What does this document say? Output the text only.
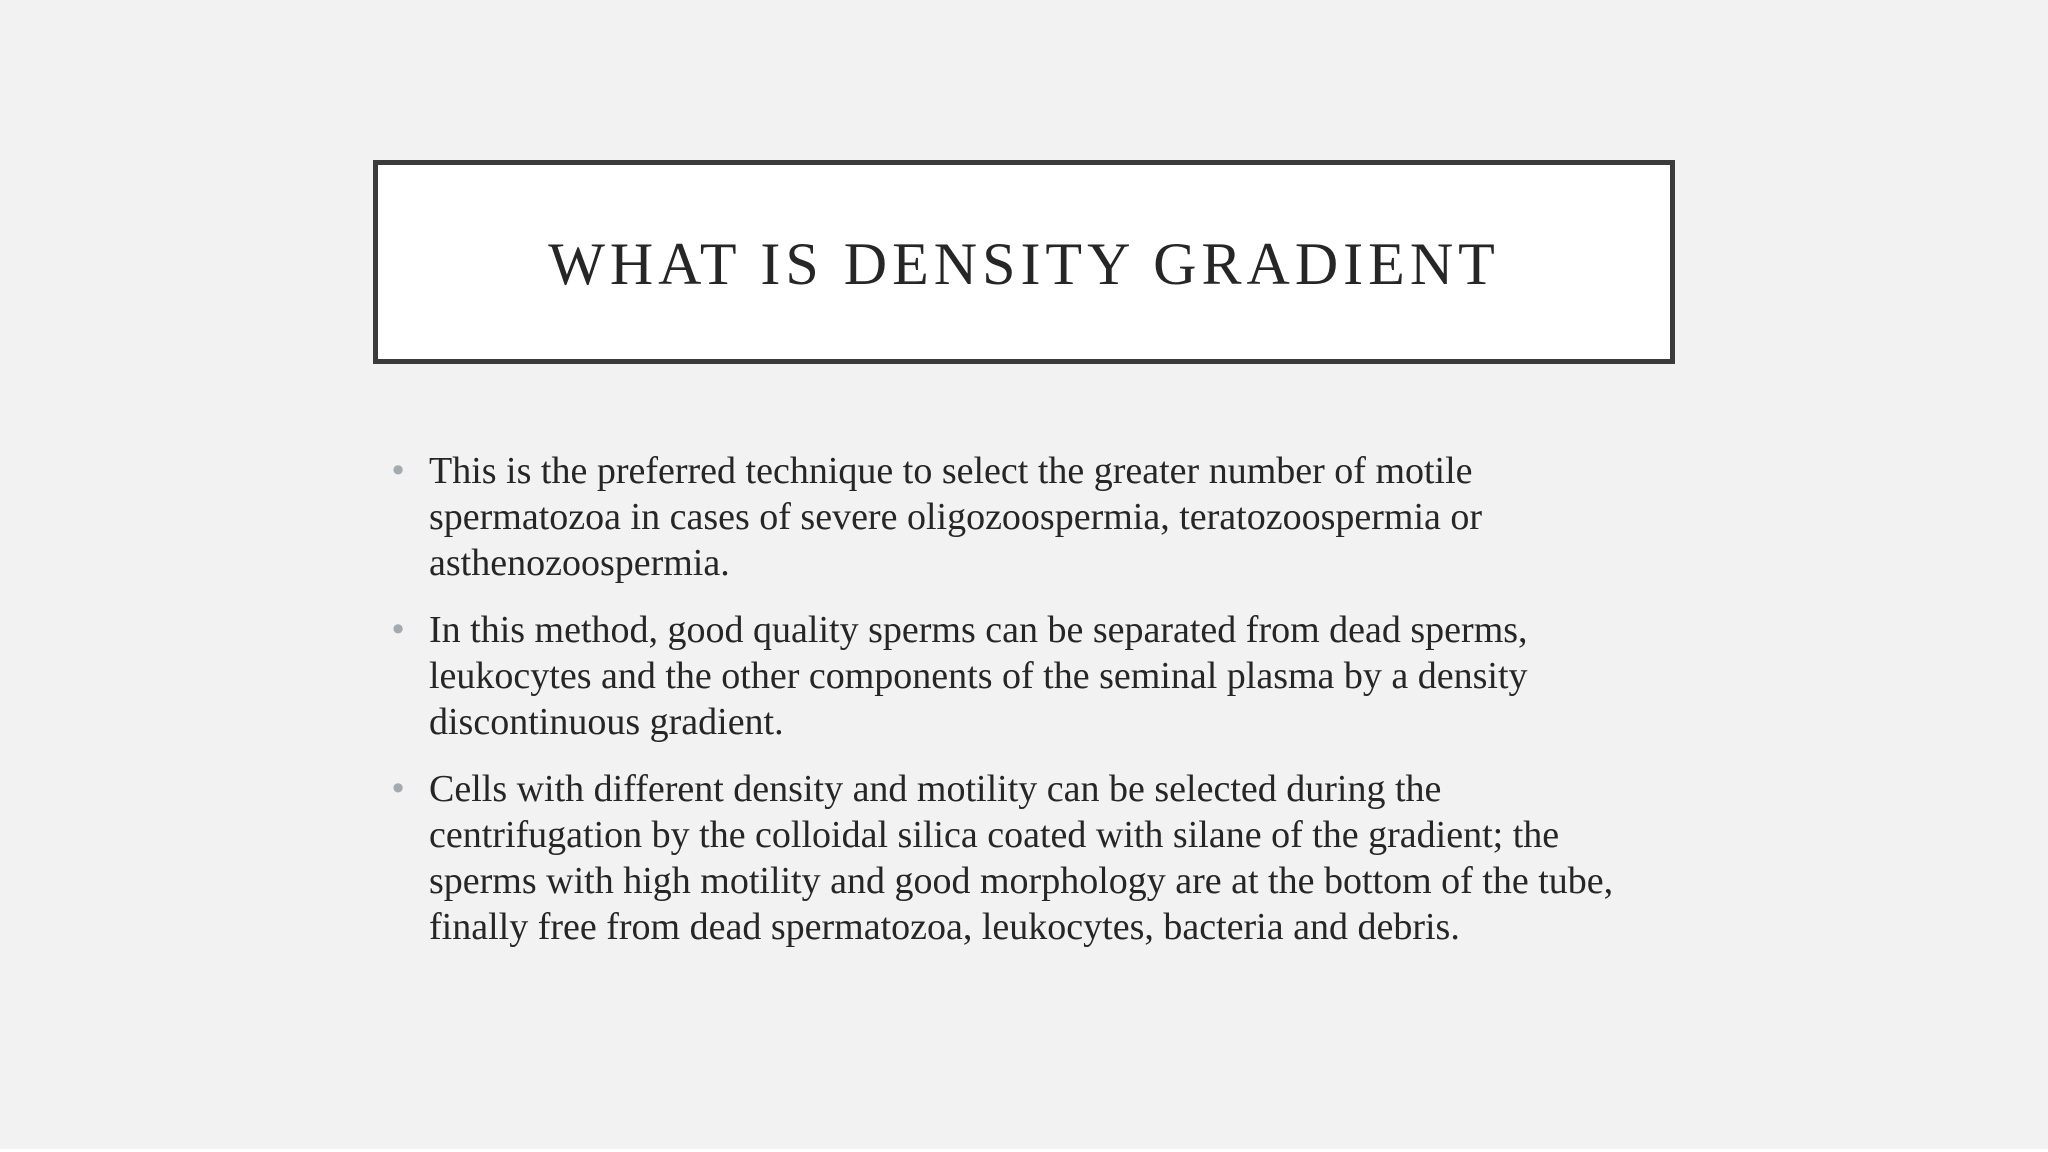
WHAT IS DENSITY GRADIENT
• This is the preferred technique to select the greater number of motile spermatozoa in cases of severe oligozoospermia, teratozoospermia or asthenozoospermia.
• In this method, good quality sperms can be separated from dead sperms, leukocytes and the other components of the seminal plasma by a density discontinuous gradient.
• Cells with different density and motility can be selected during the centrifugation by the colloidal silica coated with silane of the gradient; the sperms with high motility and good morphology are at the bottom of the tube, finally free from dead spermatozoa, leukocytes, bacteria and debris.
